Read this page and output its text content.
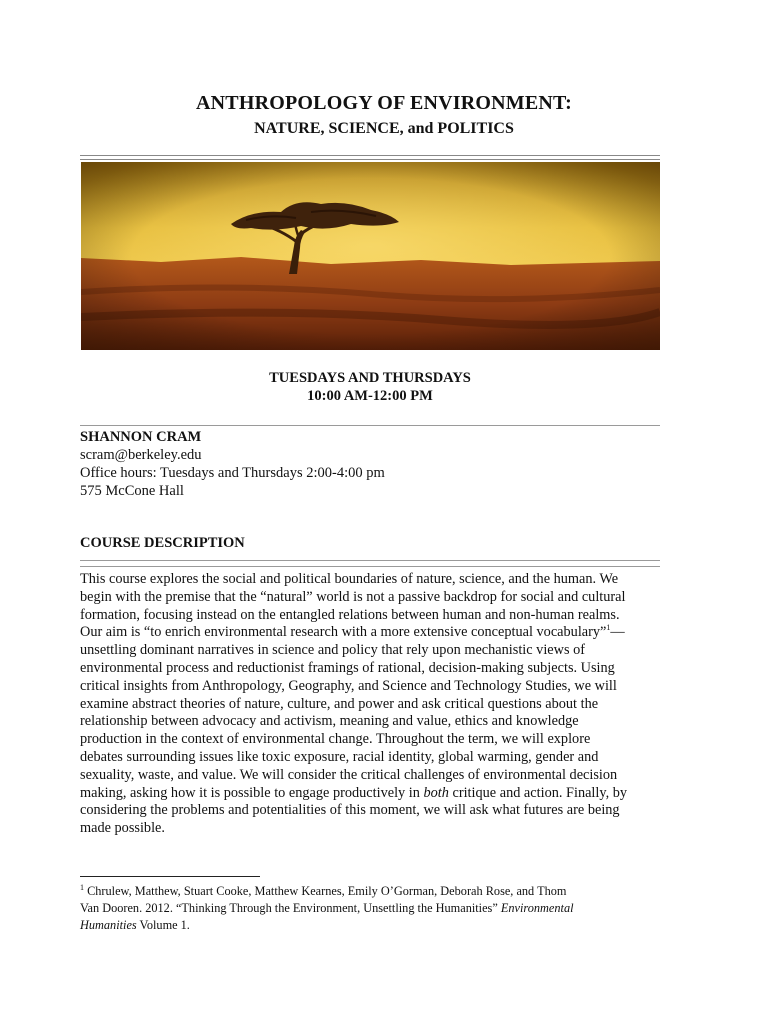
ANTHROPOLOGY OF ENVIRONMENT:
NATURE, SCIENCE, and POLITICS
TUESDAYS AND THURSDAYS
10:00 AM-12:00 PM
SHANNON CRAM
scram@berkeley.edu
Office hours: Tuesdays and Thursdays 2:00-4:00 pm
575 McCone Hall
COURSE DESCRIPTION
This course explores the social and political boundaries of nature, science, and the human. We
begin with the premise that the “natural” world is not a passive backdrop for social and cultural
formation, focusing instead on the entangled relations between human and non-human realms.
Our aim is “to enrich environmental research with a more extensive conceptual vocabulary”$^1$—
unsettling dominant narratives in science and policy that rely upon mechanistic views of
environmental process and reductionist framings of rational, decision-making subjects. Using
critical insights from Anthropology, Geography, and Science and Technology Studies, we will
examine abstract theories of nature, culture, and power and ask critical questions about the
relationship between advocacy and activism, meaning and value, ethics and knowledge
production in the context of environmental change. Throughout the term, we will explore
debates surrounding issues like toxic exposure, racial identity, global warming, gender and
sexuality, waste, and value. We will consider the critical challenges of environmental decision
making, asking how it is possible to engage productively in both critique and action. Finally, by
considering the problems and potentialities of this moment, we will ask what futures are being
made possible.
$^1$ Chrulew, Matthew, Stuart Cooke, Matthew Kearnes, Emily O’Gorman, Deborah Rose, and Thom
Van Dooren. 2012. “Thinking Through the Environment, Unsettling the Humanities” Environmental
Humanities Volume 1.
